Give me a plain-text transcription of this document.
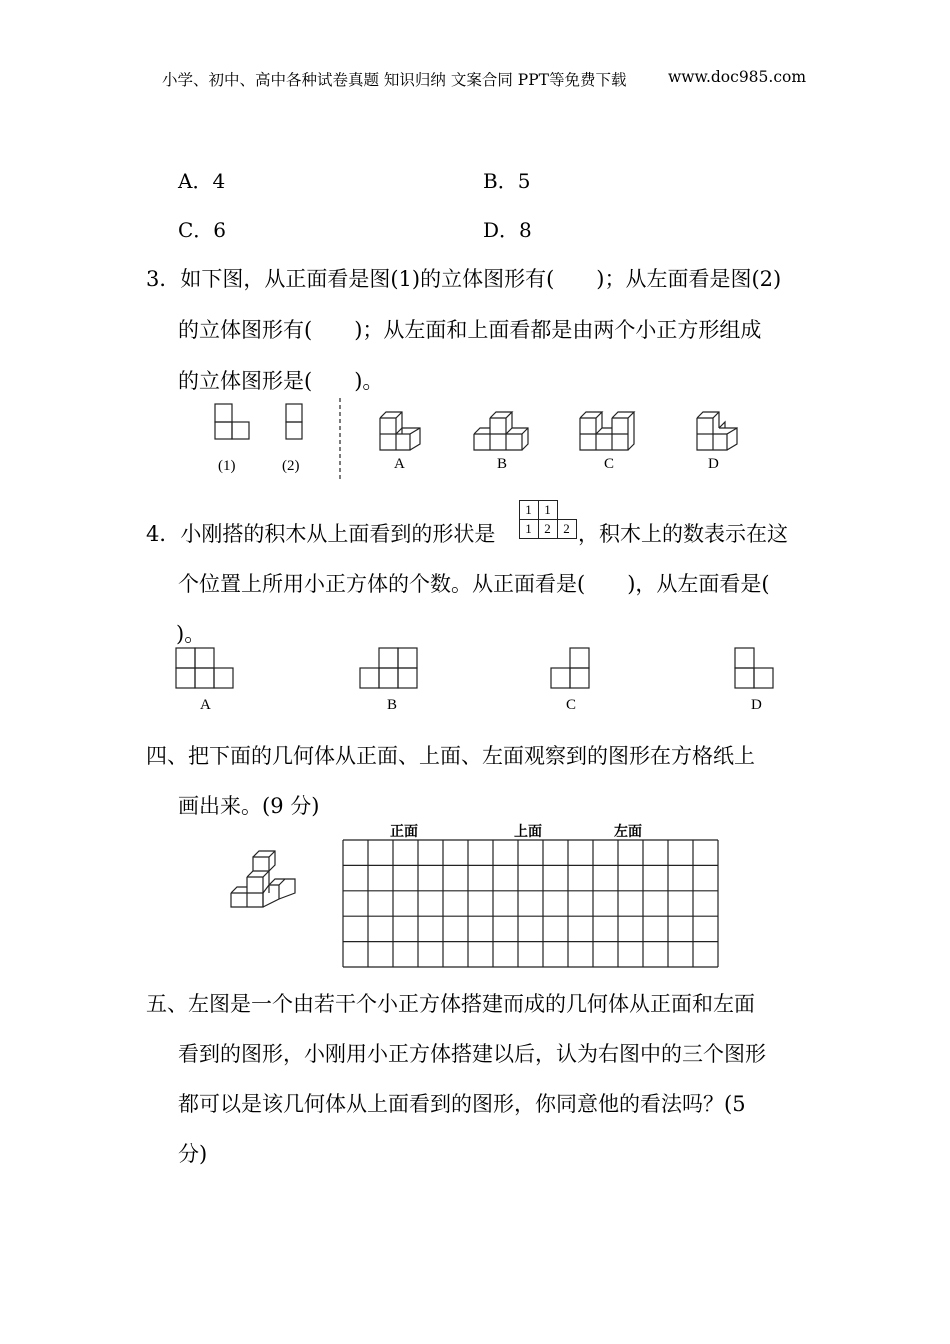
小学、初中、高中各种试卷真题 知识归纳 文案合同 PPT等免费下载	www.doc985.com
A．4	B．5
C．6	D．8
3．如下图，从正面看是图(1)的立体图形有(　　)；从左面看是图(2)
的立体图形有(　　)；从左面和上面看都是由两个小正方形组成
的立体图形是(　　)。
(1)	(2)	A	B	C	D
4．小刚搭的积木从上面看到的形状是
1 1
1 2 2 ，积木上的数表示在这
个位置上所用小正方体的个数。从正面看是(　　)，从左面看是(
)。
A	B	C	D
四、把下面的几何体从正面、上面、左面观察到的图形在方格纸上
画出来。(9 分)
正面	上面	左面
五、左图是一个由若干个小正方体搭建而成的几何体从正面和左面
看到的图形，小刚用小正方体搭建以后，认为右图中的三个图形
都可以是该几何体从上面看到的图形，你同意他的看法吗？(5
分)
